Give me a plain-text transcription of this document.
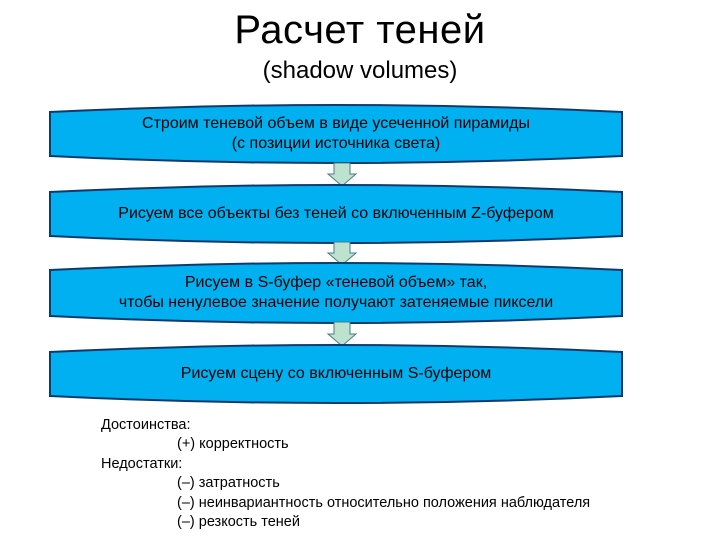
Расчет теней
(shadow volumes)
Строим теневой объем в виде усеченной пирамиды
(с позиции источника света)
Рисуем все объекты без теней со включенным Z-буфером
Рисуем в S-буфер «теневой объем» так,
чтобы ненулевое значение получают затеняемые пиксели
Рисуем сцену со включенным S-буфером
Достоинства:
(+) корректность
Недостатки:
(–) затратность
(–) неинвариантность относительно положения наблюдателя
(–) резкость теней
